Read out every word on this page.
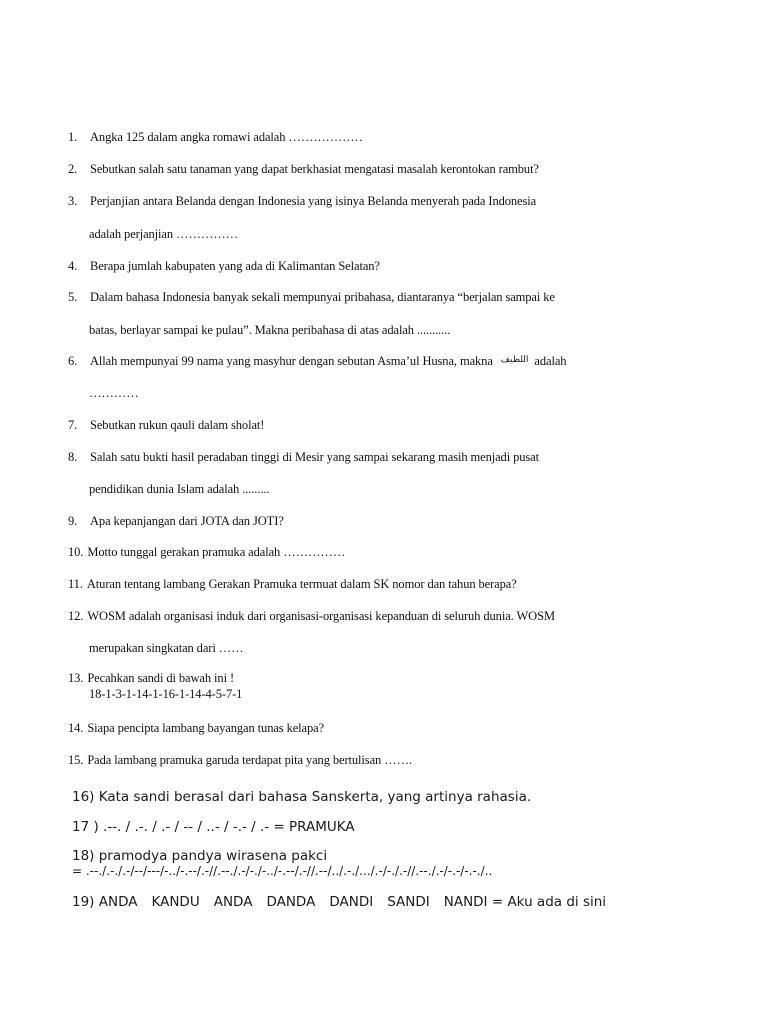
1. Angka 125 dalam angka romawi adalah ………………
2. Sebutkan salah satu tanaman yang dapat berkhasiat mengatasi masalah kerontokan rambut?
3. Perjanjian antara Belanda dengan Indonesia yang isinya Belanda menyerah pada Indonesia
adalah perjanjian ……………
4. Berapa jumlah kabupaten yang ada di Kalimantan Selatan?
5. Dalam bahasa Indonesia banyak sekali mempunyai pribahasa, diantaranya “berjalan sampai ke
batas, berlayar sampai ke pulau”. Makna peribahasa di atas adalah ...........
6. Allah mempunyai 99 nama yang masyhur dengan sebutan Asma’ul Husna, makna $^{اللطيف}$ adalah
…………
7. Sebutkan rukun qauli dalam sholat!
8. Salah satu bukti hasil peradaban tinggi di Mesir yang sampai sekarang masih menjadi pusat
pendidikan dunia Islam adalah .........
9. Apa kepanjangan dari JOTA dan JOTI?
10. Motto tunggal gerakan pramuka adalah ……………
11. Aturan tentang lambang Gerakan Pramuka termuat dalam SK nomor dan tahun berapa?
12. WOSM adalah organisasi induk dari organisasi-organisasi kepanduan di seluruh dunia. WOSM
merupakan singkatan dari ……
13. Pecahkan sandi di bawah ini !
18-1-3-1-14-1-16-1-14-4-5-7-1
14. Siapa pencipta lambang bayangan tunas kelapa?
15. Pada lambang pramuka garuda terdapat pita yang bertulisan …….
16) Kata sandi berasal dari bahasa Sanskerta, yang artinya rahasia.
17 ) .--. / .-. / .- / -- / ..- / -.- / .- = PRAMUKA
18) pramodya pandya wirasena pakci
= .--./.-./.-/--/---/-../-.--/.-//.--./.-/-./-../-.--/.-//.--/../.-./.../.-/-./.-//.--./.-/-.-/-.-./..
19) ANDA KANDU ANDA DANDA DANDI SANDI NANDI = Aku ada di sini
